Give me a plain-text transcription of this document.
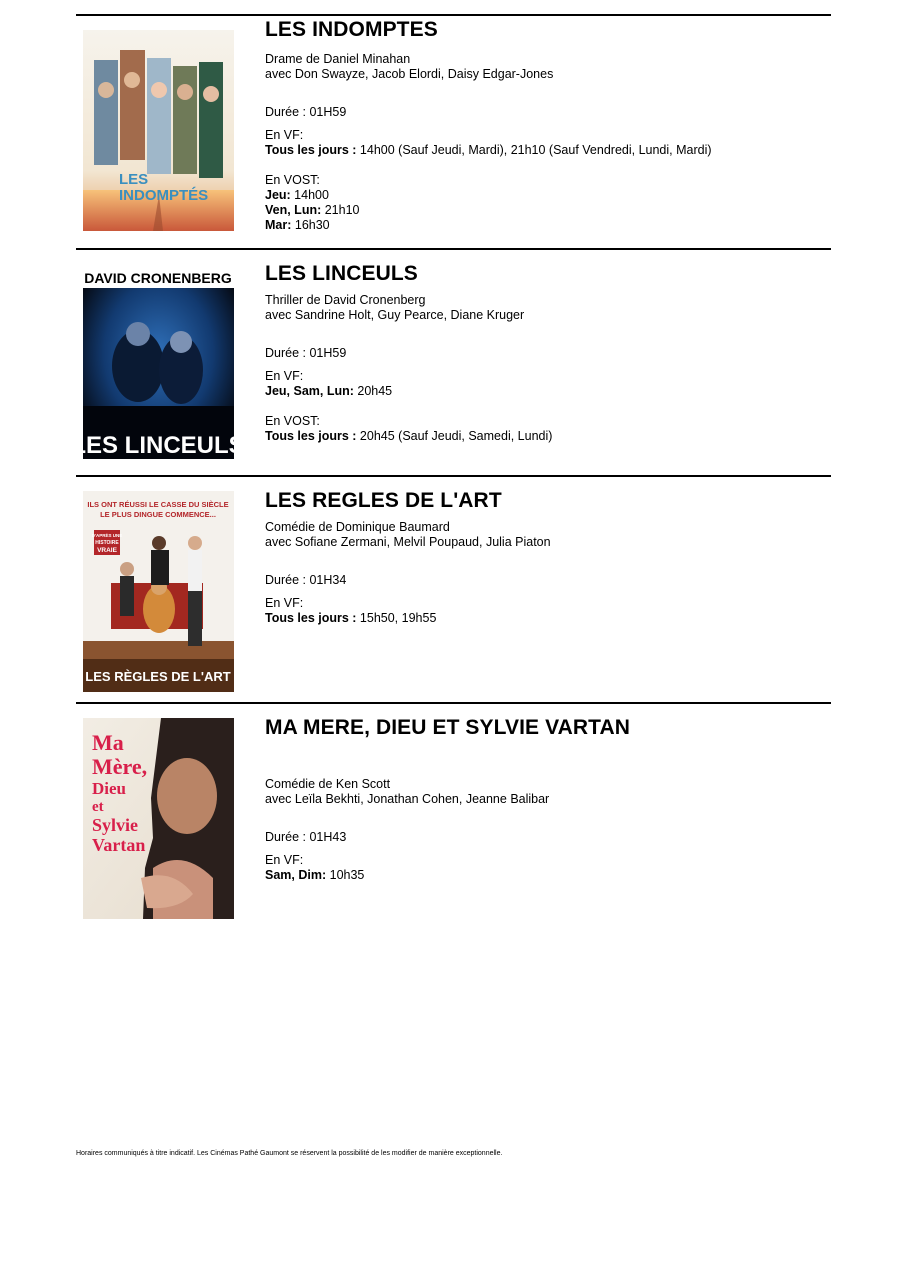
LES
INDOMPTÉS
LES INDOMPTES
Drame de Daniel Minahan
avec Don Swayze, Jacob Elordi, Daisy Edgar-Jones
Durée : 01H59
En VF:
Tous les jours : 14h00 (Sauf Jeudi, Mardi), 21h10 (Sauf Vendredi, Lundi, Mardi)
En VOST:
Jeu: 14h00
Ven, Lun: 21h10
Mar: 16h30
DAVID CRONENBERG
LES LINCEULS
LES LINCEULS
Thriller de David Cronenberg
avec Sandrine Holt, Guy Pearce, Diane Kruger
Durée : 01H59
En VF:
Jeu, Sam, Lun: 20h45
En VOST:
Tous les jours : 20h45 (Sauf Jeudi, Samedi, Lundi)
ILS ONT RÉUSSI LE CASSE DU SIÈCLE
LE PLUS DINGUE COMMENCE...
D'APRÈS UNE
HISTOIRE
VRAIE
LES RÈGLES DE L'ART
LES REGLES DE L'ART
Comédie de Dominique Baumard
avec Sofiane Zermani, Melvil Poupaud, Julia Piaton
Durée : 01H34
En VF:
Tous les jours : 15h50, 19h55
Ma
Mère,
Dieu
et
Sylvie
Vartan
MA MERE, DIEU ET SYLVIE VARTAN
Comédie de Ken Scott
avec Leïla Bekhti, Jonathan Cohen, Jeanne Balibar
Durée : 01H43
En VF:
Sam, Dim: 10h35
Horaires communiqués à titre indicatif. Les Cinémas Pathé Gaumont se réservent la possibilité de les modifier de manière exceptionnelle.
